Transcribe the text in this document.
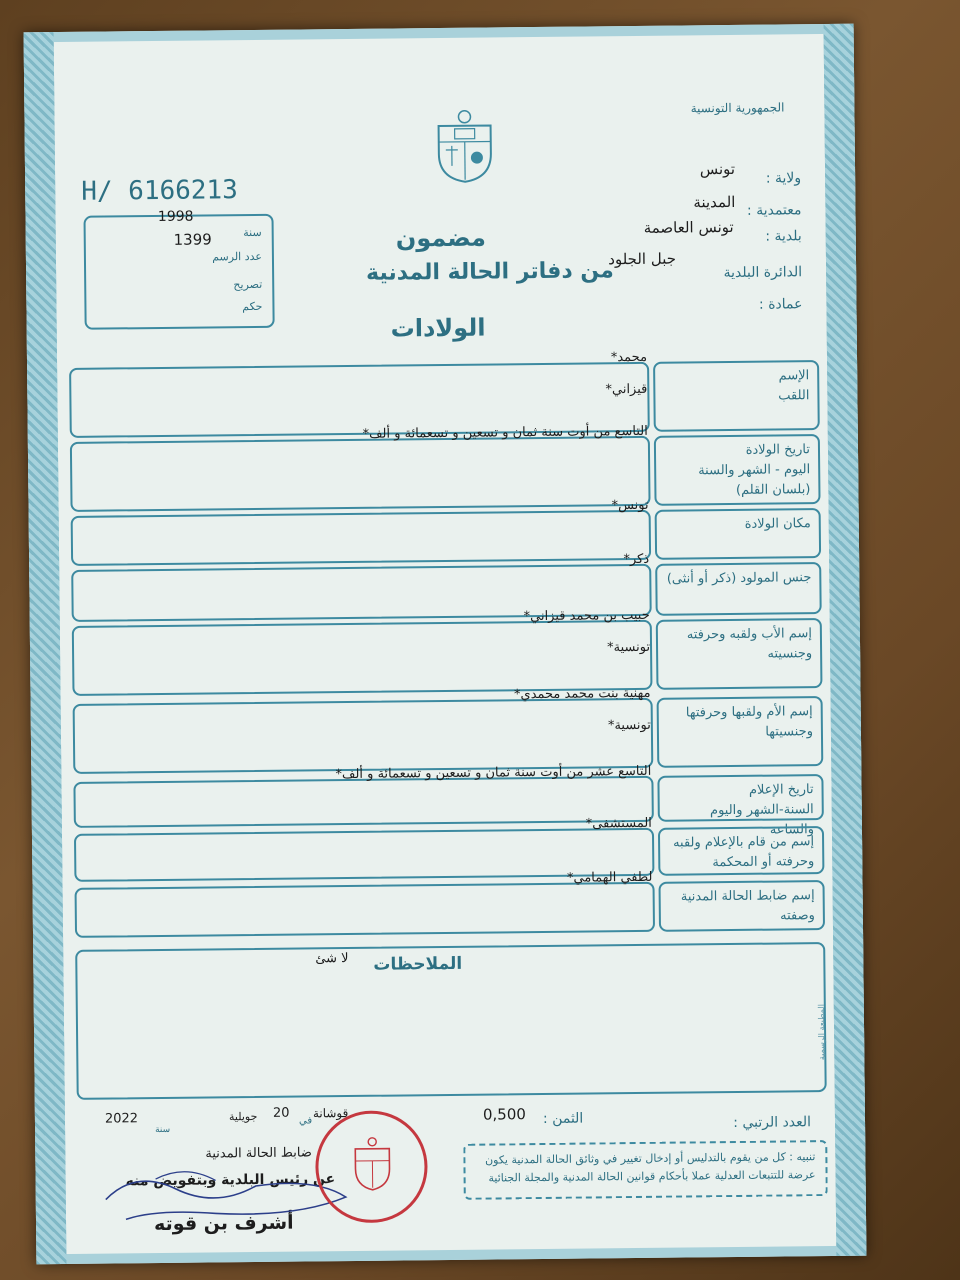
الجمهورية التونسية
H/ 6166213	ولاية :
تونس
معتمدية :
المدينة
بلدية :
تونس العاصمة
الدائرة البلدية
جبل الجلود
عمادة :
سنة
1998
عدد الرسم
1399
تصريح
حكم
مضمون
من دفاتر الحالة المدنية
الولادات
الإسم
اللقب
محمد*
قيزاني*
تاريخ الولادة
اليوم - الشهر والسنة
(بلسان القلم)
التاسع من أوت سنة ثمان و تسعين و تسعمائة و ألف*
مكان الولادة
تونس*
جنس المولود (ذكر أو أنثى)
ذكر*
إسم الأب ولقبه وحرفته
وجنسيته
حبيب بن محمد قيزاني*
تونسية*
إسم الأم ولقبها وحرفتها
وجنسيتها
مهنية بنت محمد محمدي*
تونسية*
تاريخ الإعلام
السنة-الشهر واليوم والساعة
التاسع عشر من أوت سنة ثمان و تسعين و تسعمائة و ألف*
إسم من قام بالإعلام ولقبه
وحرفته أو المحكمة
المستشفى*
إسم ضابط الحالة المدنية
وصفته
لطفي الهمامي*
الملاحظات
لا شئ
المطبعة الرسمية
العدد الرتبي :
الثمن :
0,500
قوشانة
في
20
جويلية
سنة
2022
ضابط الحالة المدنية
عن رئيس البلدية وبتفويض منه
أشرف بن قوته
تنبيه : كل من يقوم بالتدليس أو إدخال تغيير في وثائق الحالة المدنية يكون عرضة للتتبعات العدلية عملا بأحكام قوانين الحالة المدنية والمجلة الجنائية
